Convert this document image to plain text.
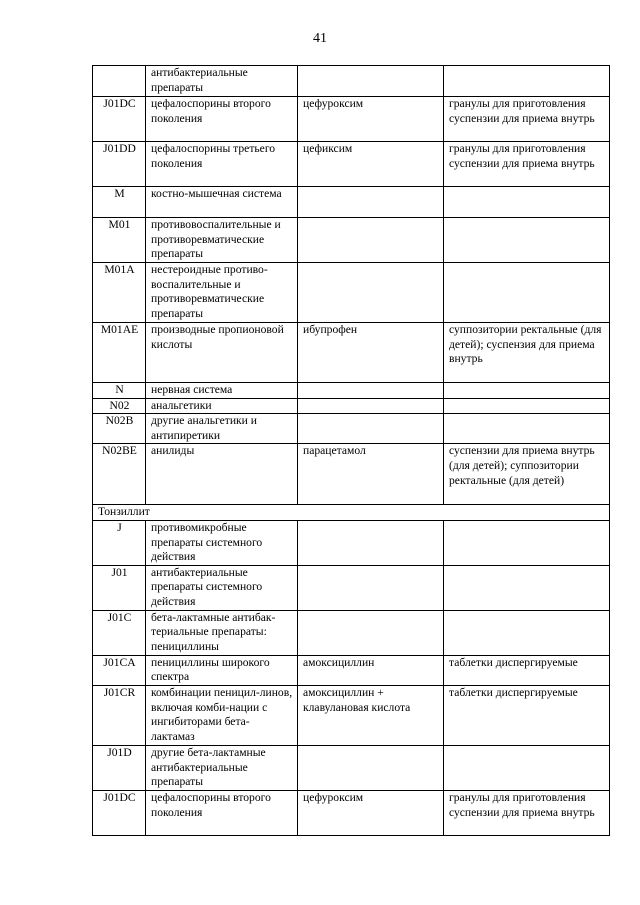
41
	антибактериальные препараты		
J01DC	цефалоспорины второго поколения	цефуроксим	гранулы для приготовления суспензии для приема внутрь
J01DD	цефалоспорины третьего поколения	цефиксим	гранулы для приготовления суспензии для приема внутрь
M	костно-мышечная система		
M01	противовоспалительные и противоревматические препараты		
M01A	нестероидные противо-воспалительные и противоревматические препараты		
M01AE	производные пропионовой кислоты	ибупрофен	суппозитории ректальные (для детей); суспензия для приема внутрь
N	нервная система		
N02	анальгетики		
N02B	другие анальгетики и антипиретики		
N02BE	анилиды	парацетамол	суспензии для приема внутрь (для детей); суппозитории ректальные (для детей)
Тонзиллит			
J	противомикробные препараты системного действия		
J01	антибактериальные препараты системного действия		
J01C	бета-лактамные антибак-териальные препараты: пенициллины		
J01CA	пенициллины широкого спектра	амоксициллин	таблетки диспергируемые
J01CR	комбинации пеницил-линов, включая комби-нации с ингибиторами бета-лактамаз	амоксициллин + клавулановая кислота	таблетки диспергируемые
J01D	другие бета-лактамные антибактериальные препараты		
J01DC	цефалоспорины второго поколения	цефуроксим	гранулы для приготовления суспензии для приема внутрь
